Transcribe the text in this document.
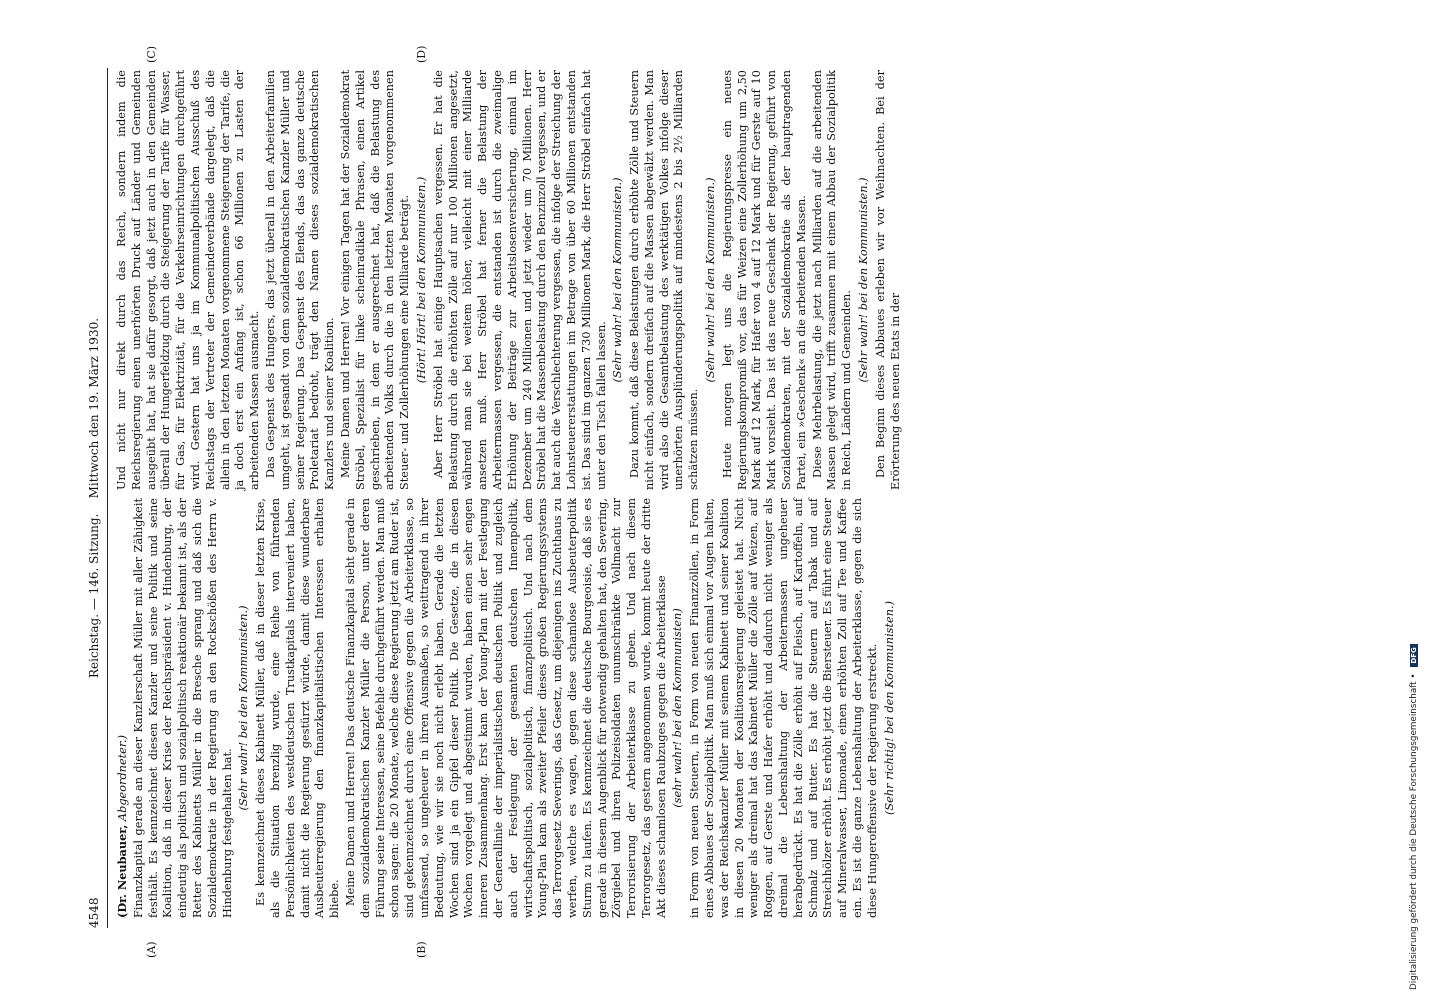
4548
Reichstag. — 146. Sitzung.    Mittwoch den 19. März 1930.
(A)	(B)
(C)	(D)

(Dr. Neubauer, Abgeordneter.) Finanzkapital gerade an dieser Kanzlerschaft Müller mit aller Zähigkeit festhält. Es kennzeichnet diesen Kanzler und seine Politik und seine Koalition, daß in dieser Krise der Reichspräsident v. Hindenburg, der eindeutig als politisch und sozialpolitisch reaktionär bekannt ist, als der Retter des Kabinetts Müller in die Bresche sprang und daß sich die Sozialdemokratie in der Regierung an den Rockschößen des Herrn v. Hindenburg festgehalten hat.

(Sehr wahr! bei den Kommunisten.) Es kennzeichnet dieses Kabinett Müller, daß in dieser letzten Krise, als die Situation brenzlig wurde, eine Reihe von führenden Persönlichkeiten des westdeutschen Trustkapitals interveniert haben, damit nicht die Regierung gestürzt würde, damit diese wunderbare Ausbeuterregierung den finanzkapitalistischen Interessen erhalten bliebe. Meine Damen und Herren! Das deutsche Finanzkapital sieht gerade in dem sozialdemokratischen Kanzler Müller die Person, unter deren Führung seine Interessen, seine Befehle durchgeführt werden. Man muß schon sagen: die 20 Monate, welche diese Regierung jetzt am Ruder ist, sind gekennzeichnet durch eine Offensive gegen die Arbeiterklasse, so umfassend, so ungeheuer in ihren Ausmaßen, so weittragend in ihrer Bedeutung, wie wir sie noch nicht erlebt haben. Gerade die letzten Wochen sind ja ein Gipfel dieser Politik. Die Gesetze, die in diesen Wochen vorgelegt und abgestimmt wurden, haben einen sehr engen inneren Zusammenhang. Erst kam der Young-Plan mit der Festlegung der Generallinie der imperialistischen deutschen Politik und zugleich auch der Festlegung der gesamten deutschen Innenpolitik, wirtschaftspolitisch, sozialpolitisch, finanzpolitisch. Und nach dem Young-Plan kam als zweiter Pfeiler dieses großen Regierungssystems das Terrorgesetz Severings, das Gesetz, um diejenigen ins Zuchthaus zu werfen, welche es wagen, gegen diese schamlose Ausbeuterpolitik Sturm zu laufen. Es kennzeichnet die deutsche Bourgeoisie, daß sie es gerade in diesem Augenblick für notwendig gehalten hat, den Severing, Zörgiebel und ihren Polizeisoldaten unumschränkte Vollmacht zur Terrorisierung der Arbeiterklasse zu geben. Und nach diesem Terrorgesetz, das gestern angenommen wurde, kommt heute der dritte Akt dieses schamlosen Raubzuges gegen die Arbeiterklasse (sehr wahr! bei den Kommunisten) in Form von neuen Steuern, in Form von neuen Finanzzöllen, in Form eines Abbaues der Sozialpolitik. Man muß sich einmal vor Augen halten, was der Reichskanzler Müller mit seinem Kabinett und seiner Koalition in diesen 20 Monaten der Koalitionsregierung geleistet hat. Nicht weniger als dreimal hat das Kabinett Müller die Zölle auf Weizen, auf Roggen, auf Gerste und Hafer erhöht und dadurch nicht weniger als dreimal die Lebenshaltung der Arbeitermassen ungeheuer herabgedrückt. Es hat die Zölle erhöht auf Fleisch, auf Kartoffeln, auf Schmalz und auf Butter. Es hat die Steuern auf Tabak und auf Streichhölzer erhöht. Es erhöht jetzt die Biersteuer. Es führt eine Steuer auf Mineralwasser, Limonade, einen erhöhten Zoll auf Tee und Kaffee ein. Es ist die ganze Lebenshaltung der Arbeiterklasse, gegen die sich diese Hungeroffensive der Regierung erstreckt. (Sehr richtig! bei den Kommunisten.)

Und nicht nur direkt durch das Reich, sondern indem die Reichsregierung einen unerhörten Druck auf Länder und Gemeinden ausgeübt hat, hat sie dafür gesorgt, daß jetzt auch in den Gemeinden überall der Hungerfeldzug durch die Steigerung der Tarife für Wasser, für Gas, für Elektrizität, für die Verkehrseinrichtungen durchgeführt wird. Gestern hat uns ja im Kommunalpolitischen Ausschuß des Reichstags der Vertreter der Gemeindeverbände dargelegt, daß die allein in den letzten Monaten vorgenommene Steigerung der Tarife, die ja doch erst ein Anfang ist, schon 66 Millionen zu Lasten der arbeitenden Massen ausmacht. Das Gespenst des Hungers, das jetzt überall in den Arbeiterfamilien umgeht, ist gesandt von dem sozialdemokratischen Kanzler Müller und seiner Regierung. Das Gespenst des Elends, das das ganze deutsche Proletariat bedroht, trägt den Namen dieses sozialdemokratischen Kanzlers und seiner Koalition. Meine Damen und Herren! Vor einigen Tagen hat der Sozialdemokrat Ströbel, Spezialist für linke scheinradikale Phrasen, einen Artikel geschrieben, in dem er ausgerechnet hat, daß die Belastung des arbeitenden Volks durch die in den letzten Monaten vorgenommenen Steuer- und Zollerhöhungen eine Milliarde beträgt. (Hört! Hört! bei den Kommunisten.) Aber Herr Ströbel hat einige Hauptsachen vergessen. Er hat die Belastung durch die erhöhten Zölle auf nur 100 Millionen angesetzt, während man sie bei weitem höher, vielleicht mit einer Milliarde ansetzen muß. Herr Ströbel hat ferner die Belastung der Arbeitermassen vergessen, die entstanden ist durch die zweimalige Erhöhung der Beiträge zur Arbeitslosenversicherung, einmal im Dezember um 240 Millionen und jetzt wieder um 70 Millionen. Herr Ströbel hat die Massenbelastung durch den Benzinzoll vergessen, und er hat auch die Verschlechterung vergessen, die infolge der Streichung der Lohnsteuererstattungen im Betrage von über 60 Millionen entstanden ist. Das sind im ganzen 730 Millionen Mark, die Herr Ströbel einfach hat unter den Tisch fallen lassen.

(Sehr wahr! bei den Kommunisten.) Dazu kommt, daß diese Belastungen durch erhöhte Zölle und Steuern nicht einfach, sondern dreifach auf die Massen abgewälzt werden. Man wird also die Gesamtbelastung des werktätigen Volkes infolge dieser unerhörten Ausplünderungspolitik auf mindestens 2 bis 2½ Milliarden schätzen müssen.

(Sehr wahr! bei den Kommunisten.) Heute morgen legt uns die Regierungspresse ein neues Regierungskompromiß vor, das für Weizen eine Zollerhöhung um 2,50 Mark auf 12 Mark, für Hafer von 4 auf 12 Mark und für Gerste auf 10 Mark vorsieht. Das ist das neue Geschenk der Regierung, geführt von Sozialdemokraten, mit der Sozialdemokratie als der hauptragenden Partei, ein »Geschenk« an die arbeitenden Massen. Diese Mehrbelastung, die jetzt nach Milliarden auf die arbeitenden Massen gelegt wird, trifft zusammen mit einem Abbau der Sozialpolitik in Reich, Ländern und Gemeinden.

(Sehr wahr! bei den Kommunisten.) Den Beginn dieses Abbaues erleben wir vor Weihnachten. Bei der Erörterung des neuen Etats in der

Digitalisierung gefördert durch die Deutsche Forschungsgemeinschaft • DFG
